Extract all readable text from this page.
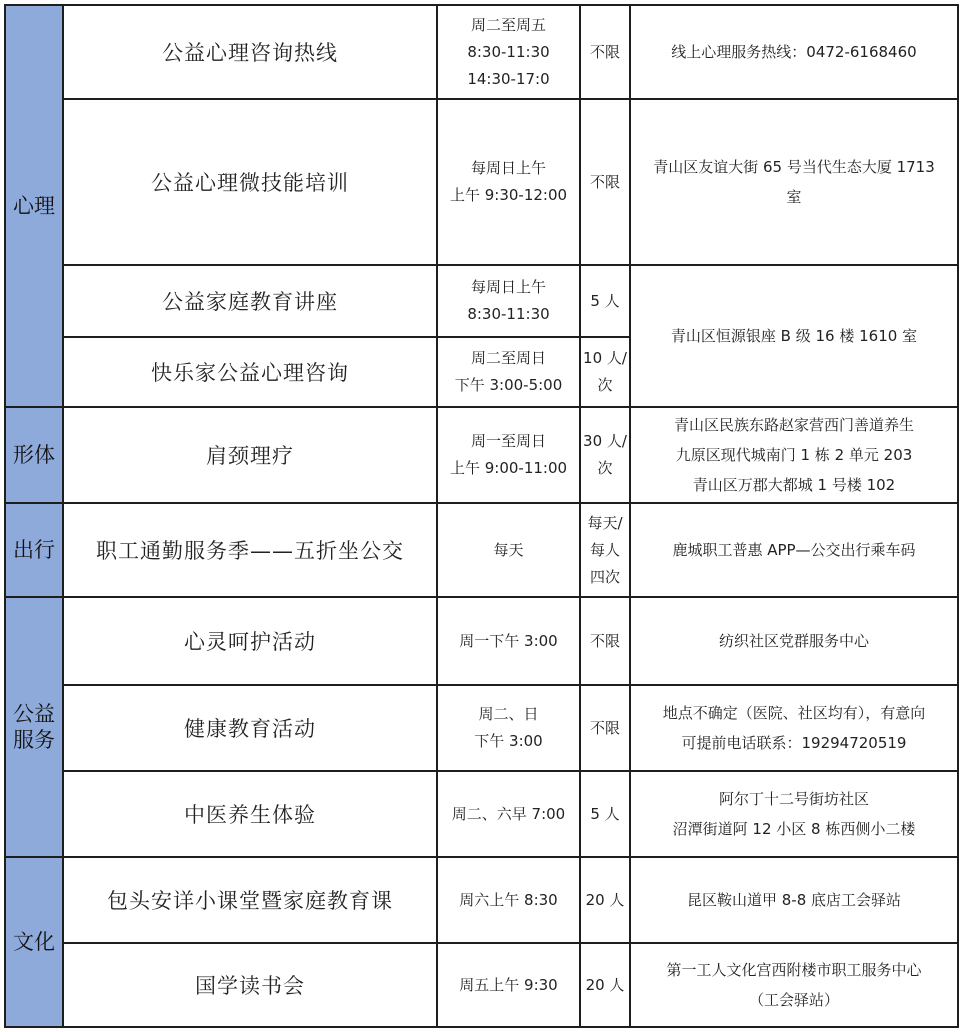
心理	公益心理咨询热线	周二至周五
8:30-11:30
14:30-17:0	不限	线上心理服务热线：0472-6168460

	公益心理微技能培训	每周日上午
上午 9:30-12:00	不限	青山区友谊大街 65 号当代生态大厦 1713
室

	公益家庭教育讲座	每周日上午
8:30-11:30	5 人	青山区恒源银座 B 级 16 楼 1610 室

	快乐家公益心理咨询	周二至周日
下午 3:00-5:00	10 人/
次	

形体	肩颈理疗	周一至周日
上午 9:00-11:00	30 人/
次	青山区民族东路赵家营西门善道养生
九原区现代城南门 1 栋 2 单元 203
青山区万郡大都城 1 号楼 102

出行	职工通勤服务季——五折坐公交	每天	每天/
每人
四次	鹿城职工普惠 APP—公交出行乘车码

公益
服务	心灵呵护活动	周一下午 3:00	不限	纺织社区党群服务中心

	健康教育活动	周二、日
下午 3:00	不限	地点不确定（医院、社区均有），有意向
可提前电话联系：19294720519

	中医养生体验	周二、六早 7:00	5 人	阿尔丁十二号街坊社区
沼潭街道阿 12 小区 8 栋西侧小二楼

文化	包头安详小课堂暨家庭教育课	周六上午 8:30	20 人	昆区鞍山道甲 8-8 底店工会驿站

	国学读书会	周五上午 9:30	20 人	第一工人文化宫西附楼市职工服务中心
（工会驿站）
